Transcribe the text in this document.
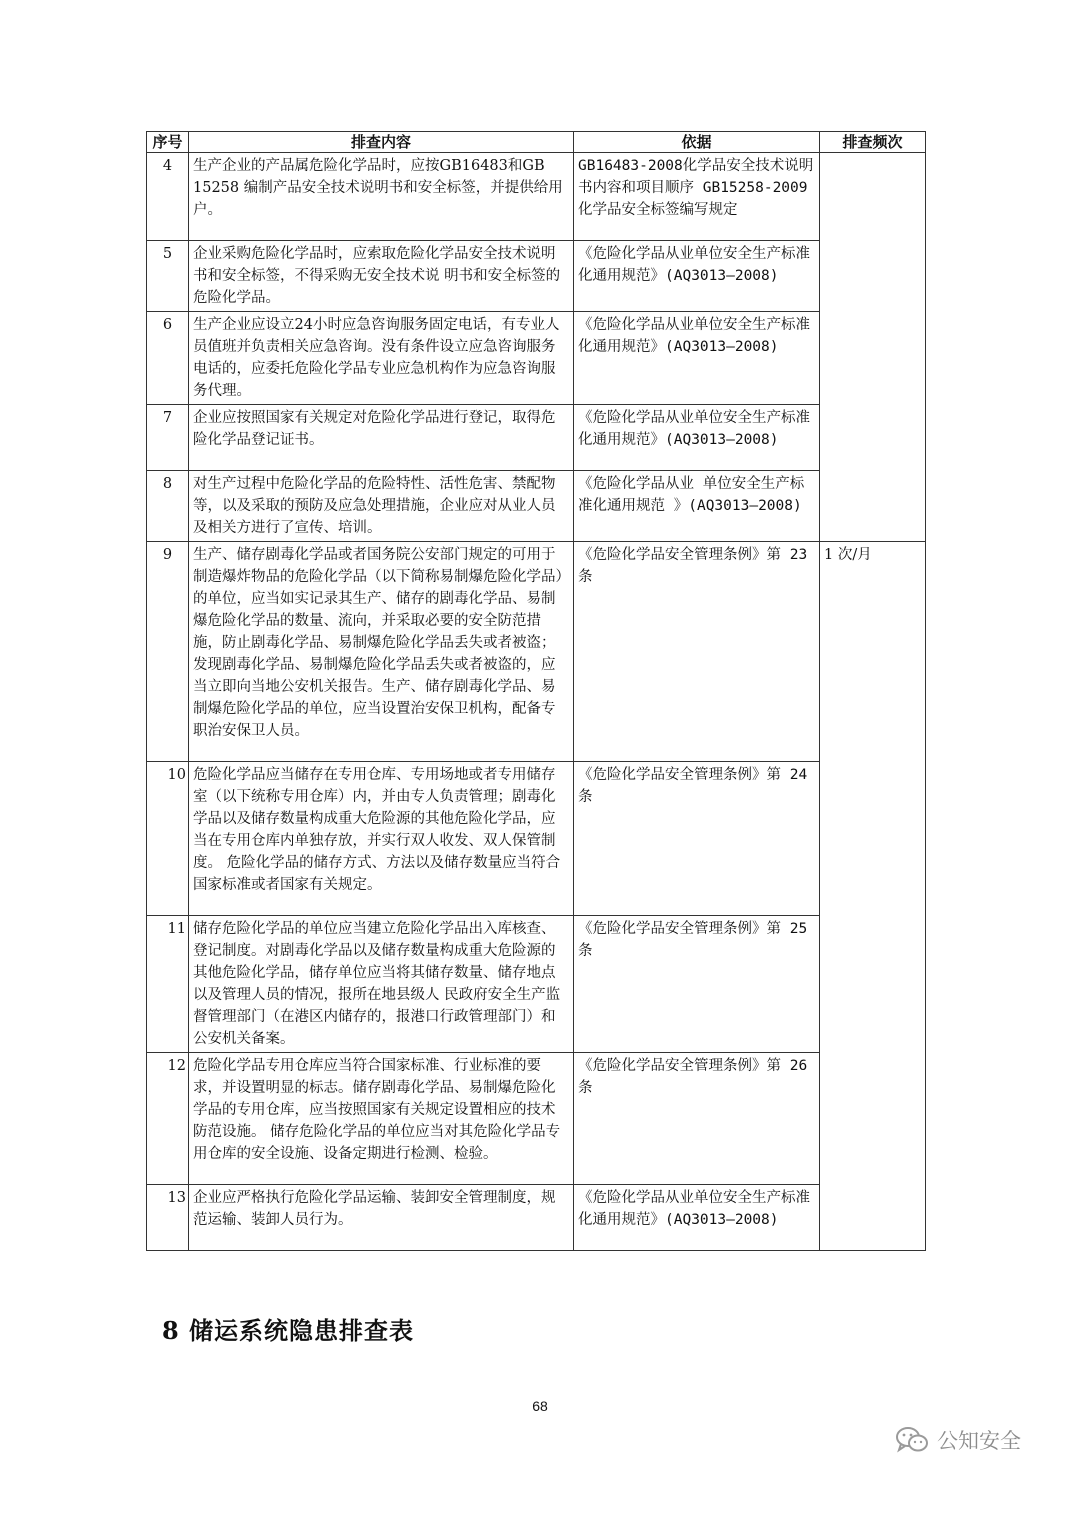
序号	排查内容	依据	排查频次
4	生产企业的产品属危险化学品时，应按GB16483和GB 15258 编制产品安全技术说明书和安全标签，并提供给用户。	GB16483-2008化学品安全技术说明书内容和项目顺序 GB15258-2009化学品安全标签编写规定	
5	企业采购危险化学品时，应索取危险化学品安全技术说明书和安全标签，不得采购无安全技术说 明书和安全标签的危险化学品。	《危险化学品从业单位安全生产标准化通用规范》(AQ3013—2008)	
6	生产企业应设立24小时应急咨询服务固定电话，有专业人员值班并负责相关应急咨询。没有条件设立应急咨询服务电话的，应委托危险化学品专业应急机构作为应急咨询服务代理。	《危险化学品从业单位安全生产标准化通用规范》(AQ3013—2008)	
7	企业应按照国家有关规定对危险化学品进行登记，取得危险化学品登记证书。	《危险化学品从业单位安全生产标准化通用规范》(AQ3013—2008)	
8	对生产过程中危险化学品的危险特性、活性危害、禁配物等，以及采取的预防及应急处理措施，企业应对从业人员及相关方进行了宣传、培训。	《危险化学品从业 单位安全生产标准化通用规范 》(AQ3013—2008)	
9	生产、储存剧毒化学品或者国务院公安部门规定的可用于制造爆炸物品的危险化学品（以下简称易制爆危险化学品）的单位，应当如实记录其生产、储存的剧毒化学品、易制爆危险化学品的数量、流向，并采取必要的安全防范措施，防止剧毒化学品、易制爆危险化学品丢失或者被盗；发现剧毒化学品、易制爆危险化学品丢失或者被盗的，应当立即向当地公安机关报告。生产、储存剧毒化学品、易制爆危险化学品的单位，应当设置治安保卫机构，配备专职治安保卫人员。	《危险化学品安全管理条例》第 23 条	1 次/月
10	危险化学品应当储存在专用仓库、专用场地或者专用储存室（以下统称专用仓库）内，并由专人负责管理；剧毒化学品以及储存数量构成重大危险源的其他危险化学品，应当在专用仓库内单独存放，并实行双人收发、双人保管制度。 危险化学品的储存方式、方法以及储存数量应当符合国家标准或者国家有关规定。	《危险化学品安全管理条例》第 24 条	
11	储存危险化学品的单位应当建立危险化学品出入库核查、登记制度。对剧毒化学品以及储存数量构成重大危险源的其他危险化学品，储存单位应当将其储存数量、储存地点以及管理人员的情况，报所在地县级人 民政府安全生产监督管理部门（在港区内储存的，报港口行政管理部门）和公安机关备案。	《危险化学品安全管理条例》第 25 条	
12	危险化学品专用仓库应当符合国家标准、行业标准的要求，并设置明显的标志。储存剧毒化学品、易制爆危险化学品的专用仓库，应当按照国家有关规定设置相应的技术防范设施。 储存危险化学品的单位应当对其危险化学品专用仓库的安全设施、设备定期进行检测、检验。	《危险化学品安全管理条例》第 26 条	
13	企业应严格执行危险化学品运输、装卸安全管理制度，规范运输、装卸人员行为。	《危险化学品从业单位安全生产标准化通用规范》(AQ3013—2008)	
8 储运系统隐患排查表
68
公知安全
